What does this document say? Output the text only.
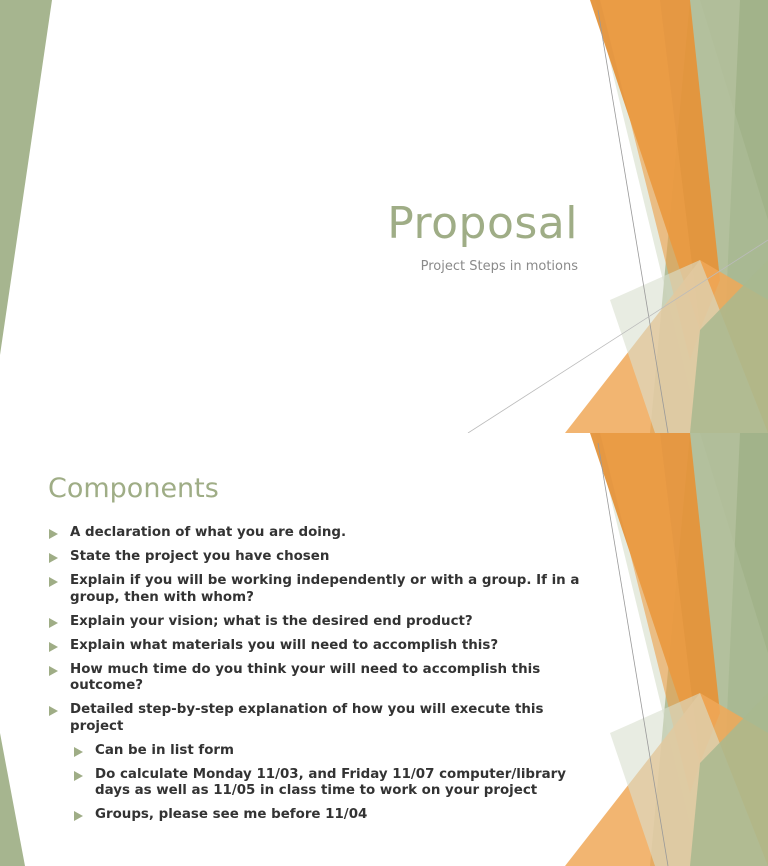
Proposal
Project Steps in motions
Components
A declaration of what you are doing.
State the project you have chosen
Explain if you will be working independently or with a group. If in a group, then with whom?
Explain your vision; what is the desired end product?
Explain what materials you will need to accomplish this?
How much time do you think your will need to accomplish this outcome?
Detailed step-by-step explanation of how you will execute this project
Can be in list form
Do calculate Monday 11/03, and Friday 11/07 computer/library days as well as 11/05 in class time to work on your project
Groups, please see me before 11/04
